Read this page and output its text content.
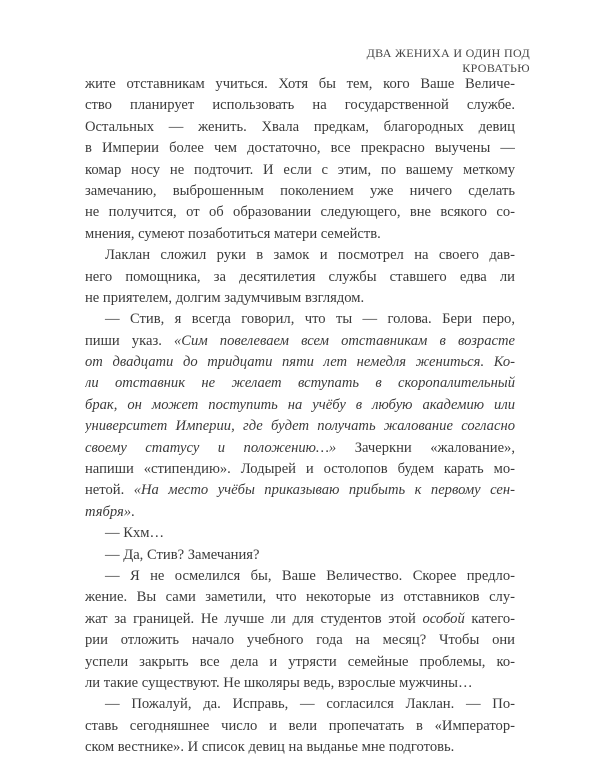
ДВА ЖЕНИХА И ОДИН ПОД КРОВАТЬЮ
жите отставникам учиться. Хотя бы тем, кого Ваше Величе-
ство планирует использовать на государственной службе.
Остальных — женить. Хвала предкам, благородных девиц
в Империи более чем достаточно, все прекрасно выучены —
комар носу не подточит. И если с этим, по вашему меткому
замечанию, выброшенным поколением уже ничего сделать
не получится, от об образовании следующего, вне всякого со-
мнения, сумеют позаботиться матери семейств.
Лаклан сложил руки в замок и посмотрел на своего дав-
него помощника, за десятилетия службы ставшего едва ли
не приятелем, долгим задумчивым взглядом.
— Стив, я всегда говорил, что ты — голова. Бери перо,
пиши указ. «Сим повелеваем всем отставникам в возрасте
от двадцати до тридцати пяти лет немедля жениться. Ко-
ли отставник не желает вступать в скоропалительный
брак, он может поступить на учёбу в любую академию или
университет Империи, где будет получать жалование согласно
своему статусу и положению…» Зачеркни «жалование»,
напиши «стипендию». Лодырей и остолопов будем карать мо-
нетой. «На место учёбы приказываю прибыть к первому сен-
тября».
— Кхм…
— Да, Стив? Замечания?
— Я не осмелился бы, Ваше Величество. Скорее предло-
жение. Вы сами заметили, что некоторые из отставников слу-
жат за границей. Не лучше ли для студентов этой особой катего-
рии отложить начало учебного года на месяц? Чтобы они
успели закрыть все дела и утрясти семейные проблемы, ко-
ли такие существуют. Не школяры ведь, взрослые мужчины…
— Пожалуй, да. Исправь, — согласился Лаклан. — По-
ставь сегодняшнее число и вели пропечатать в «Император-
ском вестнике». И список девиц на выданье мне подготовь.
